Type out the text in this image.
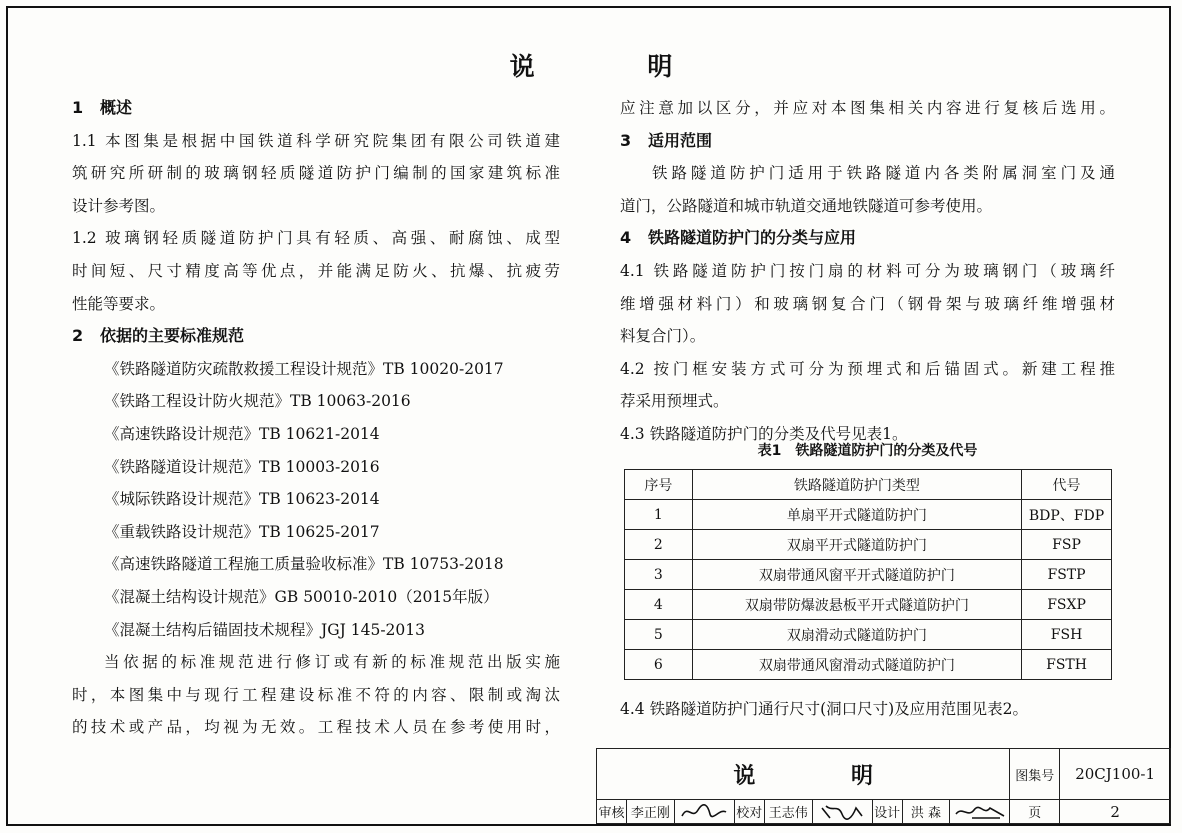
说 明
1 概述
1.1 本图集是根据中国铁道科学研究院集团有限公司铁道建
筑研究所研制的玻璃钢轻质隧道防护门编制的国家建筑标准
设计参考图。
1.2 玻璃钢轻质隧道防护门具有轻质、高强、耐腐蚀、成型
时间短、尺寸精度高等优点，并能满足防火、抗爆、抗疲劳
性能等要求。
2 依据的主要标准规范
《铁路隧道防灾疏散救援工程设计规范》TB 10020-2017
《铁路工程设计防火规范》TB 10063-2016
《高速铁路设计规范》TB 10621-2014
《铁路隧道设计规范》TB 10003-2016
《城际铁路设计规范》TB 10623-2014
《重载铁路设计规范》TB 10625-2017
《高速铁路隧道工程施工质量验收标准》TB 10753-2018
《混凝土结构设计规范》GB 50010-2010（2015年版）
《混凝土结构后锚固技术规程》JGJ 145-2013
当依据的标准规范进行修订或有新的标准规范出版实施
时，本图集中与现行工程建设标准不符的内容、限制或淘汰
的技术或产品，均视为无效。工程技术人员在参考使用时，
应注意加以区分，并应对本图集相关内容进行复核后选用。
3 适用范围
铁路隧道防护门适用于铁路隧道内各类附属洞室门及通
道门，公路隧道和城市轨道交通地铁隧道可参考使用。
4 铁路隧道防护门的分类与应用
4.1 铁路隧道防护门按门扇的材料可分为玻璃钢门（玻璃纤
维增强材料门）和玻璃钢复合门（钢骨架与玻璃纤维增强材
料复合门）。
4.2 按门框安装方式可分为预埋式和后锚固式。新建工程推
荐采用预埋式。
4.3 铁路隧道防护门的分类及代号见表1。
表1　铁路隧道防护门的分类及代号
序号	铁路隧道防护门类型	代号
1	单扇平开式隧道防护门	BDP、FDP
2	双扇平开式隧道防护门	FSP
3	双扇带通风窗平开式隧道防护门	FSTP
4	双扇带防爆波悬板平开式隧道防护门	FSXP
5	双扇滑动式隧道防护门	FSH
6	双扇带通风窗滑动式隧道防护门	FSTH
4.4 铁路隧道防护门通行尺寸(洞口尺寸)及应用范围见表2。
说 明									图集号	20CJ100-1
审核	李正刚		校对	王志伟		设计	洪 森		页	2
